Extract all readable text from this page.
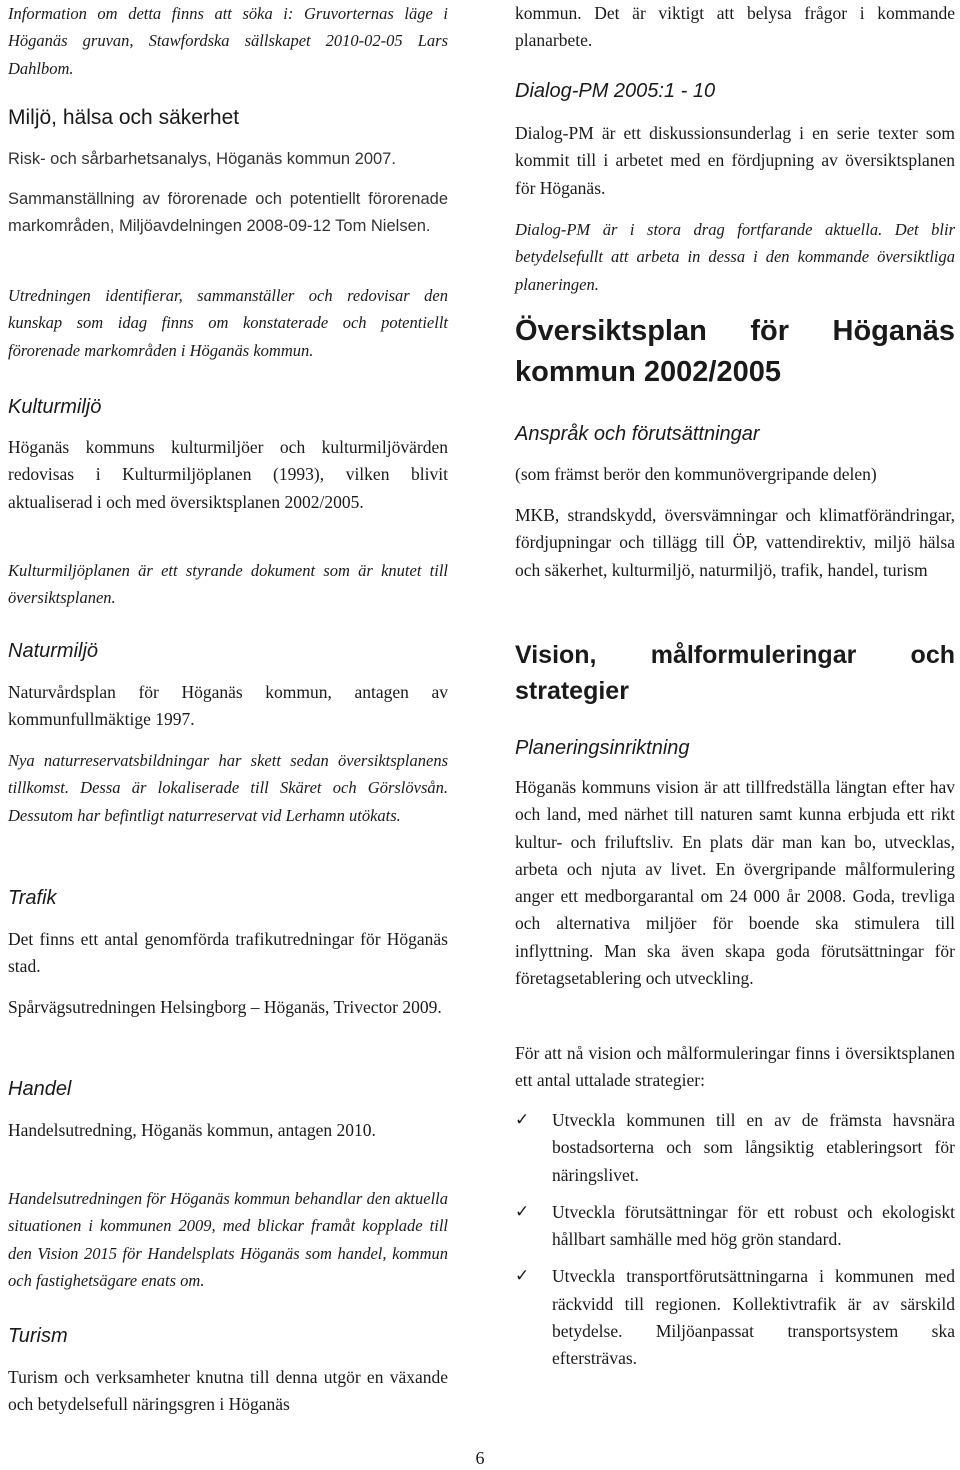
Information om detta finns att söka i: Gruvorternas läge i Höganäs gruvan, Stawfordska sällskapet 2010-02-05 Lars Dahlbom.
Miljö, hälsa och säkerhet
Risk- och sårbarhetsanalys, Höganäs kommun 2007.
Sammanställning av förorenade och potentiellt förorenade markområden, Miljöavdelningen 2008-09-12 Tom Nielsen.
Utredningen identifierar, sammanställer och redovisar den kunskap som idag finns om konstaterade och potentiellt förorenade markområden i Höganäs kommun.
Kulturmiljö
Höganäs kommuns kulturmiljöer och kulturmiljövärden redovisas i Kulturmiljöplanen (1993), vilken blivit aktualiserad i och med översiktsplanen 2002/2005.
Kulturmiljöplanen är ett styrande dokument som är knutet till översiktsplanen.
Naturmiljö
Naturvårdsplan för Höganäs kommun, antagen av kommunfullmäktige 1997.
Nya naturreservatsbildningar har skett sedan översiktsplanens tillkomst. Dessa är lokaliserade till Skäret och Görslövsån. Dessutom har befintligt naturreservat vid Lerhamn utökats.
Trafik
Det finns ett antal genomförda trafikutredningar för Höganäs stad.
Spårvägsutredningen Helsingborg – Höganäs, Trivector 2009.
Handel
Handelsutredning, Höganäs kommun, antagen 2010.
Handelsutredningen för Höganäs kommun behandlar den aktuella situationen i kommunen 2009, med blickar framåt kopplade till den Vision 2015 för Handelsplats Höganäs som handel, kommun och fastighetsägare enats om.
Turism
Turism och verksamheter knutna till denna utgör en växande och betydelsefull näringsgren i Höganäs
kommun. Det är viktigt att belysa frågor i kommande planarbete.
Dialog-PM 2005:1 - 10
Dialog-PM är ett diskussionsunderlag i en serie texter som kommit till i arbetet med en fördjupning av översiktsplanen för Höganäs.
Dialog-PM är i stora drag fortfarande aktuella. Det blir betydelsefullt att arbeta in dessa i den kommande översiktliga planeringen.
Översiktsplan för Höganäs kommun 2002/2005
Anspråk och förutsättningar
(som främst berör den kommunövergripande delen)
MKB, strandskydd, översvämningar och klimatförändringar, fördjupningar och tillägg till ÖP, vattendirektiv, miljö hälsa och säkerhet, kulturmiljö, naturmiljö, trafik, handel, turism
Vision, målformuleringar och strategier
Planeringsinriktning
Höganäs kommuns vision är att tillfredställa längtan efter hav och land, med närhet till naturen samt kunna erbjuda ett rikt kultur- och friluftsliv. En plats där man kan bo, utvecklas, arbeta och njuta av livet. En övergripande målformulering anger ett medborgarantal om 24 000 år 2008. Goda, trevliga och alternativa miljöer för boende ska stimulera till inflyttning. Man ska även skapa goda förutsättningar för företagsetablering och utveckling.
För att nå vision och målformuleringar finns i översiktsplanen ett antal uttalade strategier:
✓ Utveckla kommunen till en av de främsta havsnära bostadsorterna och som långsiktig etableringsort för näringslivet.
✓ Utveckla förutsättningar för ett robust och ekologiskt hållbart samhälle med hög grön standard.
✓ Utveckla transportförutsättningarna i kommunen med räckvidd till regionen. Kollektivtrafik är av särskild betydelse. Miljöanpassat transportsystem ska eftersträvas.
6
